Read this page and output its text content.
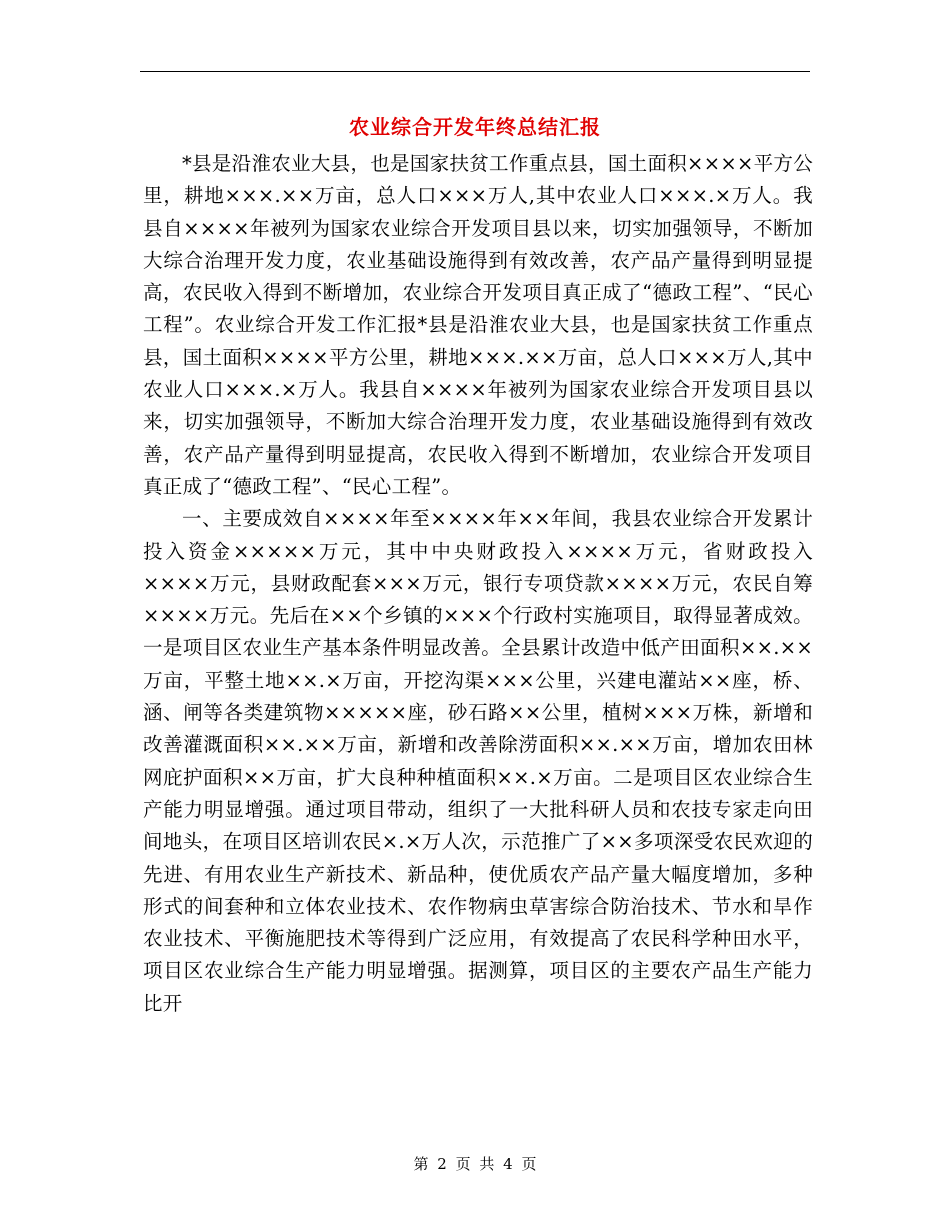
农业综合开发年终总结汇报

*县是沿淮农业大县，也是国家扶贫工作重点县，国土面积××××平方公里，耕地×××.××万亩，总人口×××万人,其中农业人口×××.×万人。我县自××××年被列为国家农业综合开发项目县以来，切实加强领导，不断加大综合治理开发力度，农业基础设施得到有效改善，农产品产量得到明显提高，农民收入得到不断增加，农业综合开发项目真正成了“德政工程”、“民心工程”。农业综合开发工作汇报*县是沿淮农业大县，也是国家扶贫工作重点县，国土面积××××平方公里，耕地×××.××万亩，总人口×××万人,其中农业人口×××.×万人。我县自××××年被列为国家农业综合开发项目县以来，切实加强领导，不断加大综合治理开发力度，农业基础设施得到有效改善，农产品产量得到明显提高，农民收入得到不断增加，农业综合开发项目真正成了“德政工程”、“民心工程”。

一、主要成效自××××年至××××年××年间，我县农业综合开发累计投入资金×××××万元，其中中央财政投入××××万元，省财政投入××××万元，县财政配套×××万元，银行专项贷款××××万元，农民自筹××××万元。先后在××个乡镇的×××个行政村实施项目，取得显著成效。一是项目区农业生产基本条件明显改善。全县累计改造中低产田面积××.××万亩，平整土地××.×万亩，开挖沟渠×××公里，兴建电灌站××座，桥、涵、闸等各类建筑物×××××座，砂石路××公里，植树×××万株，新增和改善灌溉面积××.××万亩，新增和改善除涝面积××.××万亩，增加农田林网庇护面积××万亩，扩大良种种植面积××.×万亩。二是项目区农业综合生产能力明显增强。通过项目带动，组织了一大批科研人员和农技专家走向田间地头，在项目区培训农民×.×万人次，示范推广了××多项深受农民欢迎的先进、有用农业生产新技术、新品种，使优质农产品产量大幅度增加，多种形式的间套种和立体农业技术、农作物病虫草害综合防治技术、节水和旱作农业技术、平衡施肥技术等得到广泛应用，有效提高了农民科学种田水平，项目区农业综合生产能力明显增强。据测算，项目区的主要农产品生产能力比开

第 2 页 共 4 页
